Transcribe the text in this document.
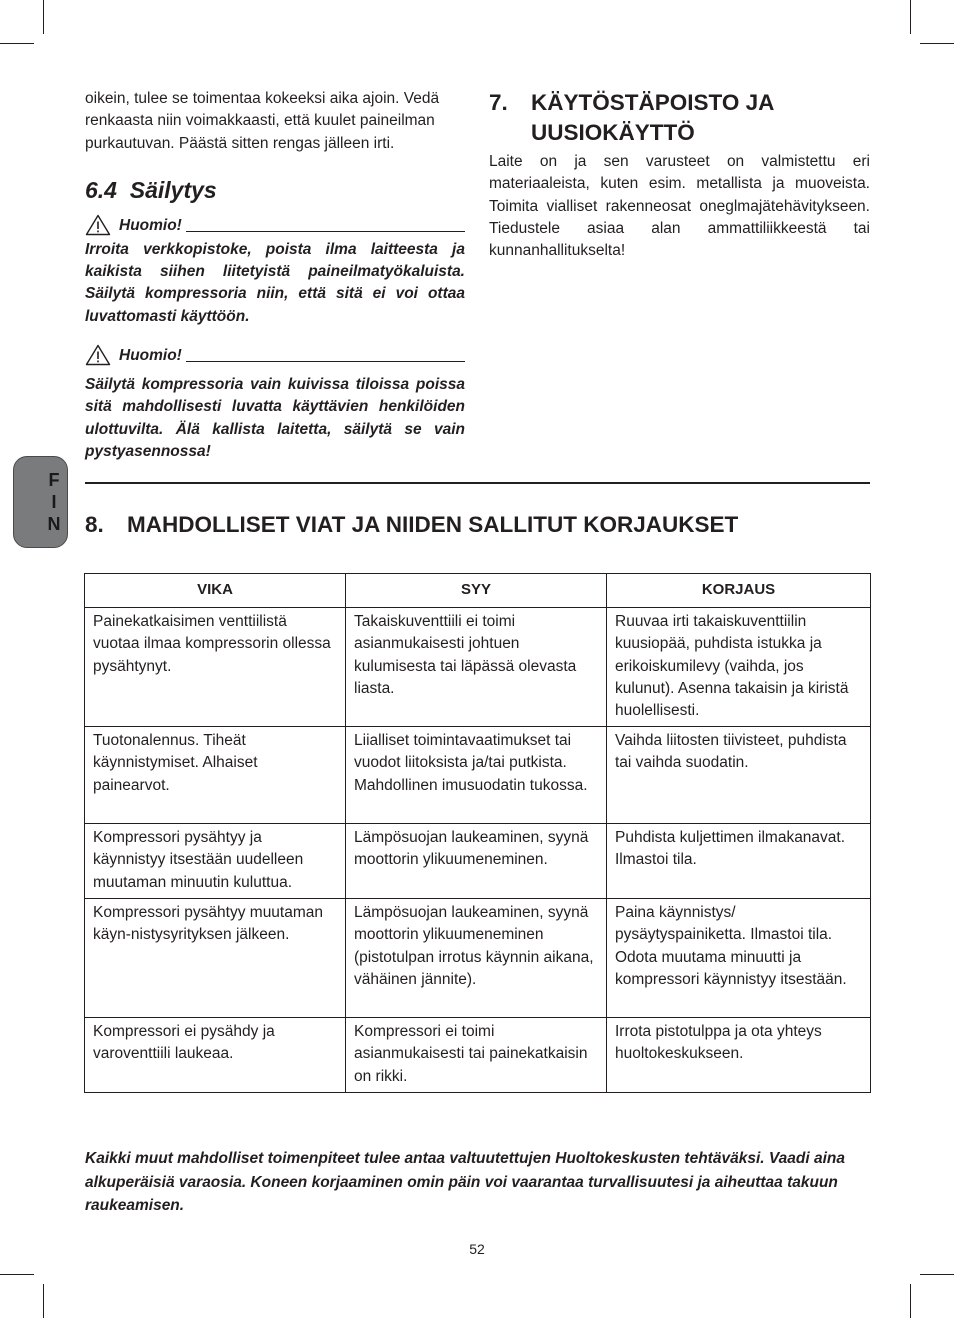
oikein, tulee se toimentaa kokeeksi aika ajoin. Vedä renkaasta niin voimakkaasti, että kuulet paineilman purkautuvan. Päästä sitten rengas jälleen irti.

6.4 Säilytys
Huomio!

Irroita verkkopistoke, poista ilma laitteesta ja kaikista siihen liitetyistä paineilmatyökaluista. Säilytä kompressoria niin, että sitä ei voi ottaa luvattomasti käyttöön.

Huomio!

Säilytä kompressoria vain kuivissa tiloissa poissa sitä mahdollisesti luvatta käyttävien henkilöiden ulottuvilta. Älä kallista laitetta, säilytä se vain pystyasennossa!

7.	KÄYTÖSTÄPOISTO JA
UUSIOKÄYTTÖ

Laite on ja sen varusteet on valmistettu eri materiaaleista, kuten esim. metallista ja muoveista. Toimita vialliset rakenneosat oneglmajätehävitykseen. Tiedustele asiaa alan ammattiliikkeestä tai kunnanhallitukselta!

F
I
N 8.	MAHDOLLISET VIAT JA NIIDEN SALLITUT KORJAUKSET
VIKA	SYY	KORJAUS
Painekatkaisimen venttiilistä vuotaa ilmaa kompressorin ollessa pysähtynyt.	Takaiskuventtiili ei toimi asianmukaisesti johtuen kulumisesta tai läpässä olevasta liasta.	Ruuvaa irti takaiskuventtiilin kuusiopää, puhdista istukka ja erikoiskumilevy (vaihda, jos kulunut). Asenna takaisin ja kiristä huolellisesti.
Tuotonalennus. Tiheät käynnistymiset. Alhaiset painearvot.	Liialliset toimintavaatimukset tai vuodot liitoksista ja/tai putkista. Mahdollinen imusuodatin tukossa.	Vaihda liitosten tiivisteet, puhdista tai vaihda suodatin.
Kompressori pysähtyy ja käynnistyy itsestään uudelleen muutaman minuutin kuluttua.	Lämpösuojan laukeaminen, syynä moottorin ylikuumeneminen.	Puhdista kuljettimen ilmakanavat. Ilmastoi tila.
Kompressori pysähtyy muutaman käyn-nistysyrityksen jälkeen.	Lämpösuojan laukeaminen, syynä moottorin ylikuumeneminen (pistotulpan irrotus käynnin aikana, vähäinen jännite).	Paina käynnistys/ pysäytyspainiketta. Ilmastoi tila. Odota muutama minuutti ja kompressori käynnistyy itsestään.
Kompressori ei pysähdy ja varoventtiili laukeaa.	Kompressori ei toimi asianmukaisesti tai painekatkaisin on rikki.	Irrota pistotulppa ja ota yhteys huoltokeskukseen.

Kaikki muut mahdolliset toimenpiteet tulee antaa valtuutettujen Huoltokeskusten tehtäväksi. Vaadi aina alkuperäisiä varaosia. Koneen korjaaminen omin päin voi vaarantaa turvallisuutesi ja aiheuttaa takuun raukeamisen.

52
